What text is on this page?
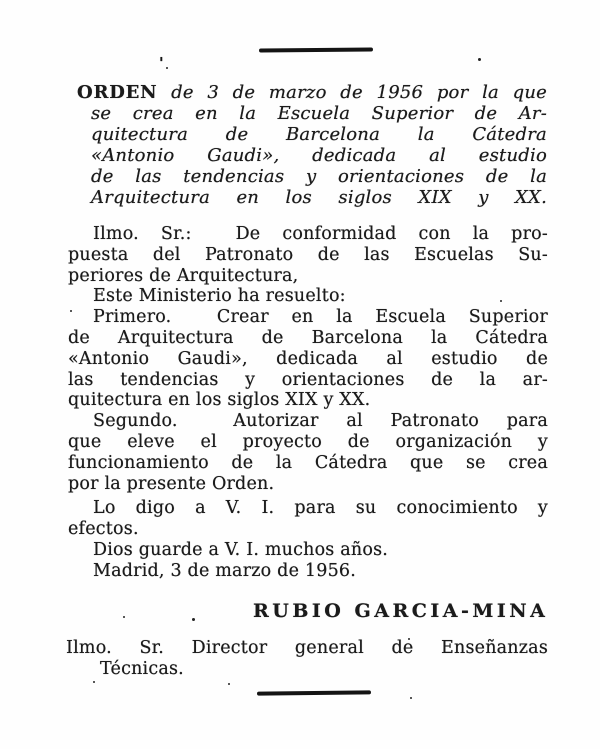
'
ORDEN de 3 de marzo de 1956 por la que
se crea en la Escuela Superior de Ar-
quitectura de Barcelona la Cátedra
«Antonio Gaudi», dedicada al estudio
de las tendencias y orientaciones de la
Arquitectura en los siglos XIX y XX.
Ilmo. Sr.:  De conformidad con la pro-
puesta del Patronato de las Escuelas Su-
periores de Arquitectura,
Este Ministerio ha resuelto:
Primero.  Crear en la Escuela Superior
de Arquitectura de Barcelona la Cátedra
«Antonio Gaudi», dedicada al estudio de
las tendencias y orientaciones de la ar-
quitectura en los siglos XIX y XX.
Segundo.  Autorizar al Patronato para
que eleve el proyecto de organización y
funcionamiento de la Cátedra que se crea
por la presente Orden.
Lo digo a V. I. para su conocimiento y
efectos.
Dios guarde a V. I. muchos años.
Madrid, 3 de marzo de 1956.
RUBIO GARCIA-MINA
Ilmo. Sr. Director general de Enseñanzas
Técnicas.
